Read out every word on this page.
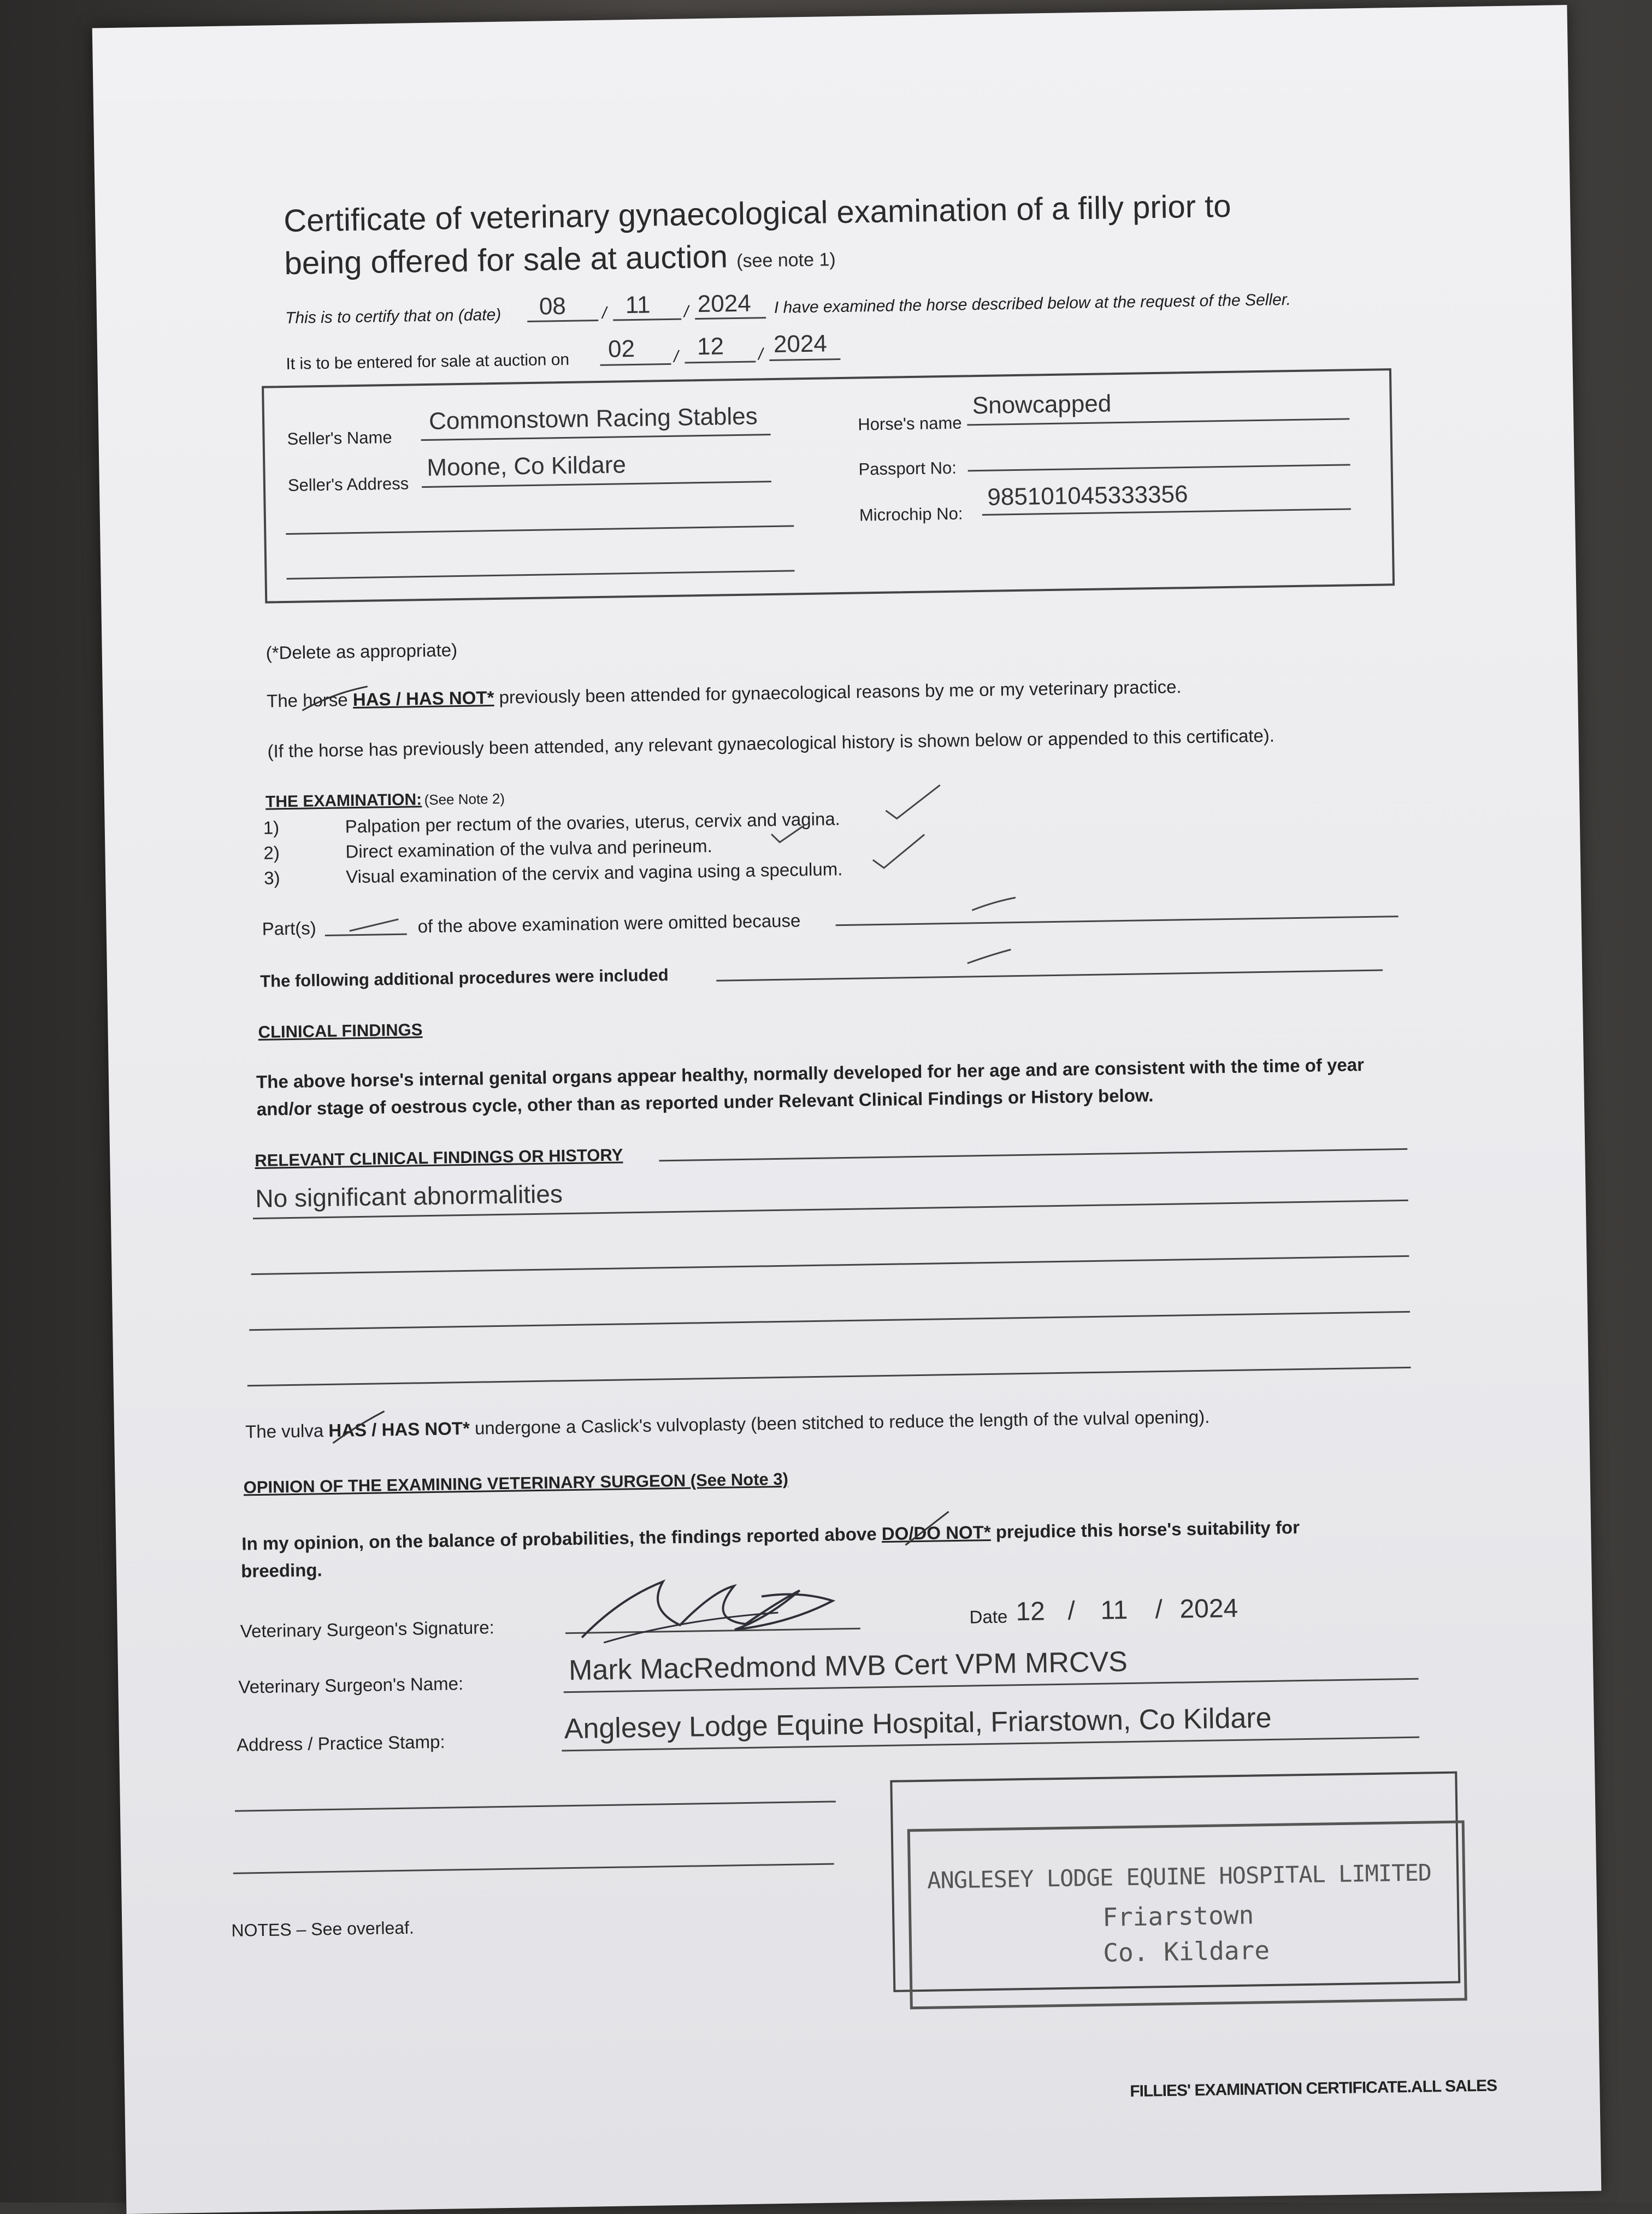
Certificate of veterinary gynaecological examination of a filly prior to
being offered for sale at auction (see note 1)
This is to certify that on (date) 08 / 11 / 2024 I have examined the horse described below at the request of the Seller.
It is to be entered for sale at auction on 02 / 12 / 2024
Seller's Name
Commonstown Racing Stables
Seller's Address
Moone, Co Kildare
Horse's name
Snowcapped
Passport No:
Microchip No:
985101045333356
(*Delete as appropriate)
The horse HAS / HAS NOT* previously been attended for gynaecological reasons by me or my veterinary practice.
(If the horse has previously been attended, any relevant gynaecological history is shown below or appended to this certificate).
THE EXAMINATION: (See Note 2)
1)	Palpation per rectum of the ovaries, uterus, cervix and vagina.
2)	Direct examination of the vulva and perineum.
3)	Visual examination of the cervix and vagina using a speculum.
Part(s)	of the above examination were omitted because
The following additional procedures were included
CLINICAL FINDINGS
The above horse's internal genital organs appear healthy, normally developed for her age and are consistent with the time of year
and/or stage of oestrous cycle, other than as reported under Relevant Clinical Findings or History below.
RELEVANT CLINICAL FINDINGS OR HISTORY
No significant abnormalities
The vulva HAS / HAS NOT* undergone a Caslick's vulvoplasty (been stitched to reduce the length of the vulval opening).
OPINION OF THE EXAMINING VETERINARY SURGEON (See Note 3)
In my opinion, on the balance of probabilities, the findings reported above DO/DO NOT* prejudice this horse's suitability for
breeding.
Veterinary Surgeon's Signature:
Date 12 / 11 / 2024
Veterinary Surgeon's Name:	Mark MacRedmond MVB Cert VPM MRCVS
Address / Practice Stamp:	Anglesey Lodge Equine Hospital, Friarstown, Co Kildare
NOTES – See overleaf.
ANGLESEY LODGE EQUINE HOSPITAL LIMITED
Friarstown
Co. Kildare
FILLIES' EXAMINATION CERTIFICATE.ALL SALES
